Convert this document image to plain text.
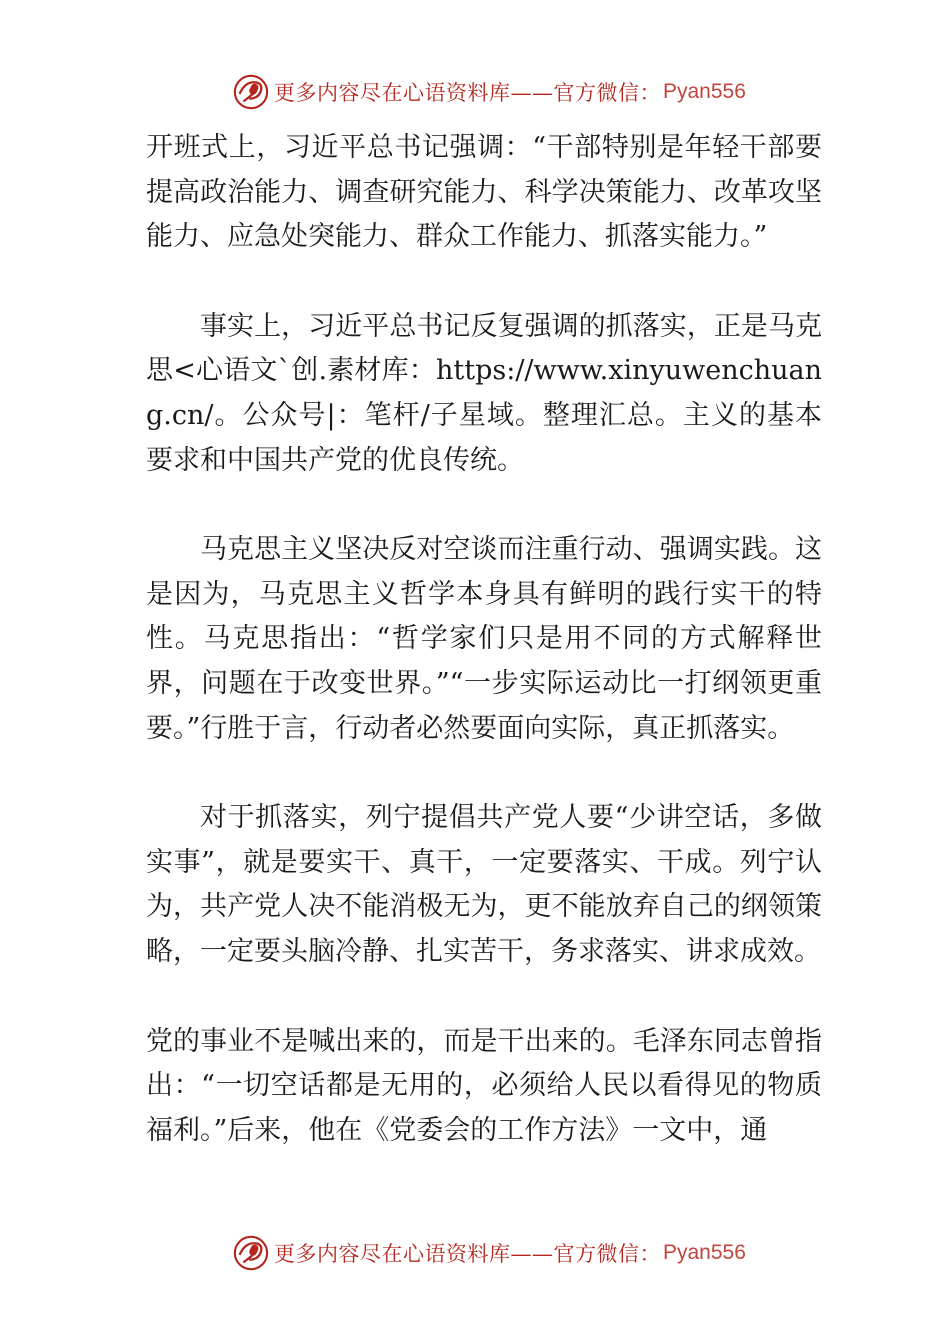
更多内容尽在心语资料库——官方微信： Pyan556

开班式上，习近平总书记强调：“干部特别是年轻干部要提高政治能力、调查研究能力、科学决策能力、改革攻坚能力、应急处突能力、群众工作能力、抓落实能力。”

事实上，习近平总书记反复强调的抓落实，正是马克思<心语文`创.素材库：https://www.xinyuwenchuang.cn/。公众号|：笔杆/子星域。整理汇总。主义的基本要求和中国共产党的优良传统。

马克思主义坚决反对空谈而注重行动、强调实践。这是因为，马克思主义哲学本身具有鲜明的践行实干的特性。马克思指出：“哲学家们只是用不同的方式解释世界，问题在于改变世界。”“一步实际运动比一打纲领更重要。”行胜于言，行动者必然要面向实际，真正抓落实。

对于抓落实，列宁提倡共产党人要“少讲空话，多做实事”，就是要实干、真干，一定要落实、干成。列宁认为，共产党人决不能消极无为，更不能放弃自己的纲领策略，一定要头脑冷静、扎实苦干，务求落实、讲求成效。

党的事业不是喊出来的，而是干出来的。毛泽东同志曾指出：“一切空话都是无用的，必须给人民以看得见的物质福利。”后来，他在《党委会的工作方法》一文中，通

更多内容尽在心语资料库——官方微信： Pyan556
